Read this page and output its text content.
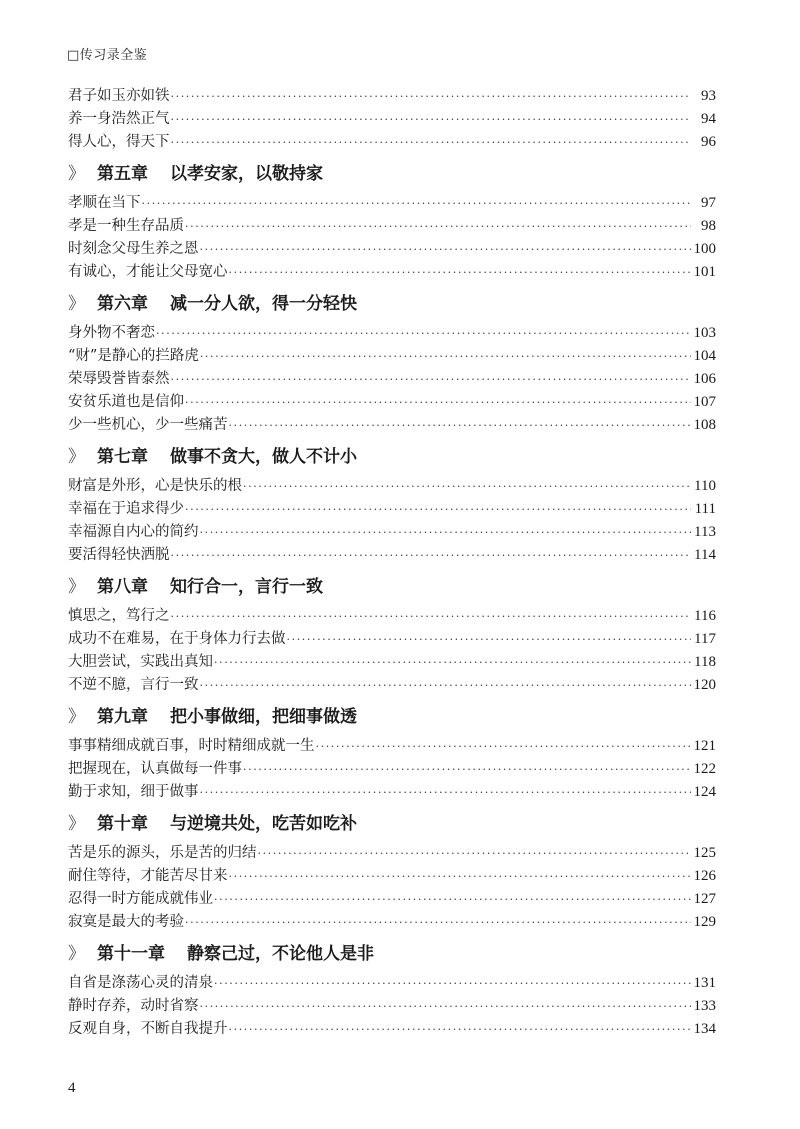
□传习录全鉴
君子如玉亦如铁 ·····	93
养一身浩然正气 ·····	94
得人心，得天下 ·····	96
》 第五章 以孝安家，以敬持家
孝顺在当下 ·····	97
孝是一种生存品质 ·····	98
时刻念父母生养之恩 ·····	100
有诚心，才能让父母宽心 ·····	101
》 第六章 减一分人欲，得一分轻快
身外物不奢恋 ·····	103
“财”是静心的拦路虎 ·····	104
荣辱毁誉皆泰然 ·····	106
安贫乐道也是信仰 ·····	107
少一些机心，少一些痛苦 ·····	108
》 第七章 做事不贪大，做人不计小
财富是外形，心是快乐的根 ·····	110
幸福在于追求得少 ·····	111
幸福源自内心的简约 ·····	113
要活得轻快洒脱 ·····	114
》 第八章 知行合一，言行一致
慎思之，笃行之 ·····	116
成功不在难易，在于身体力行去做 ·····	117
大胆尝试，实践出真知 ·····	118
不逆不臆，言行一致 ·····	120
》 第九章 把小事做细，把细事做透
事事精细成就百事，时时精细成就一生 ·····	121
把握现在，认真做每一件事 ·····	122
勤于求知，细于做事 ·····	124
》 第十章 与逆境共处，吃苦如吃补
苦是乐的源头，乐是苦的归结 ·····	125
耐住等待，才能苦尽甘来 ·····	126
忍得一时方能成就伟业 ·····	127
寂寞是最大的考验 ·····	129
》 第十一章 静察己过，不论他人是非
自省是涤荡心灵的清泉 ·····	131
静时存养，动时省察 ·····	133
反观自身，不断自我提升 ·····	134
4
